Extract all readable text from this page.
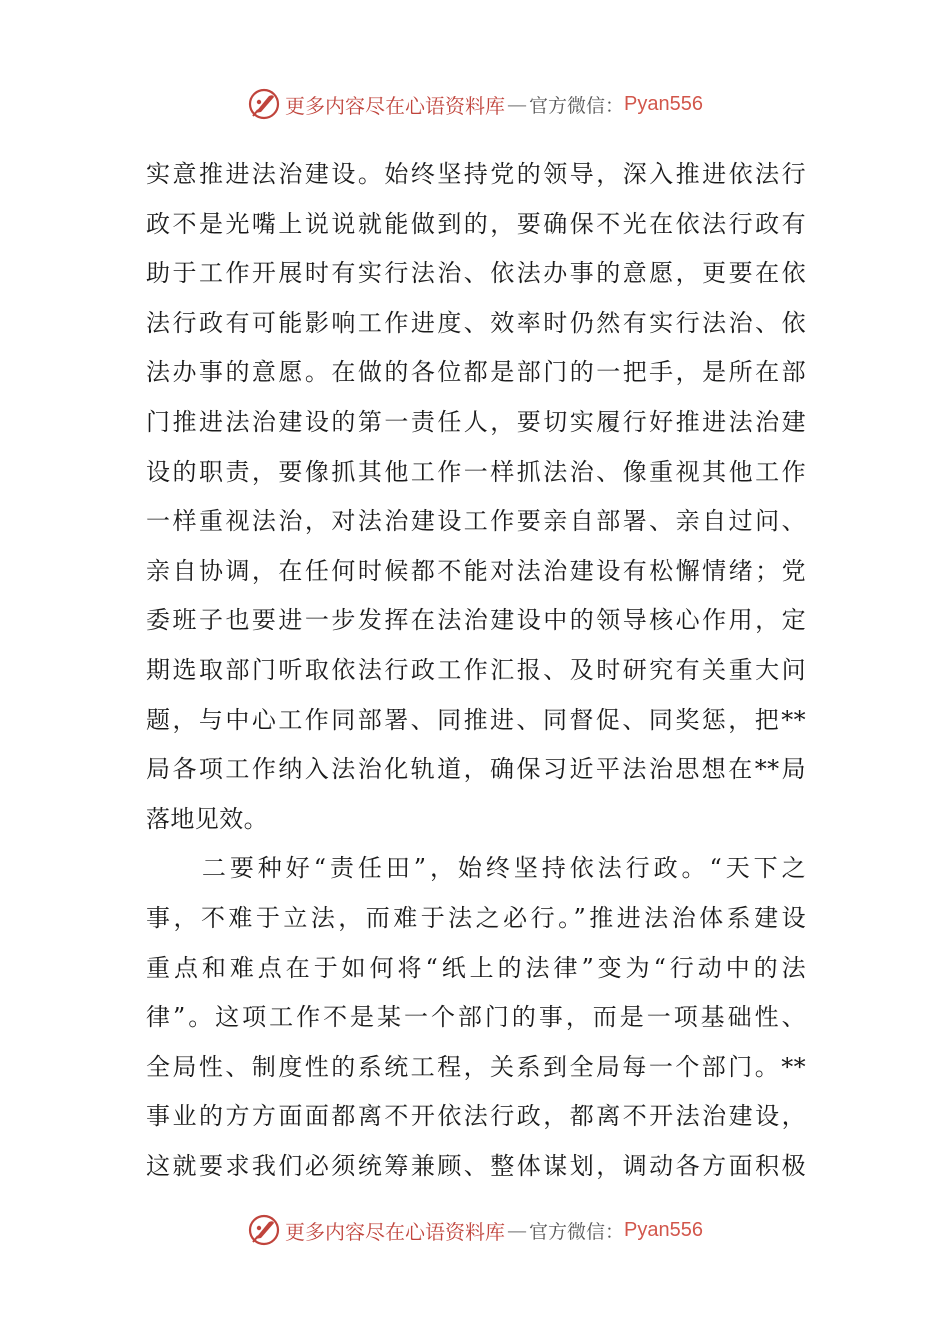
更多内容尽在心语资料库 — 官方微信： Pyan556
实意推进法治建设。始终坚持党的领导，深入推进依法行
政不是光嘴上说说就能做到的，要确保不光在依法行政有
助于工作开展时有实行法治、依法办事的意愿，更要在依
法行政有可能影响工作进度、效率时仍然有实行法治、依
法办事的意愿。在做的各位都是部门的一把手，是所在部
门推进法治建设的第一责任人，要切实履行好推进法治建
设的职责，要像抓其他工作一样抓法治、像重视其他工作
一样重视法治，对法治建设工作要亲自部署、亲自过问、
亲自协调，在任何时候都不能对法治建设有松懈情绪；党
委班子也要进一步发挥在法治建设中的领导核心作用，定
期选取部门听取依法行政工作汇报、及时研究有关重大问
题，与中心工作同部署、同推进、同督促、同奖惩，把**
局各项工作纳入法治化轨道，确保习近平法治思想在**局
落地见效。
　　二要种好“责任田”，始终坚持依法行政。“天下之
事，不难于立法，而难于法之必行。”推进法治体系建设
重点和难点在于如何将“纸上的法律”变为“行动中的法
律”。这项工作不是某一个部门的事，而是一项基础性、
全局性、制度性的系统工程，关系到全局每一个部门。**
事业的方方面面都离不开依法行政，都离不开法治建设，
这就要求我们必须统筹兼顾、整体谋划，调动各方面积极
更多内容尽在心语资料库 — 官方微信： Pyan556
